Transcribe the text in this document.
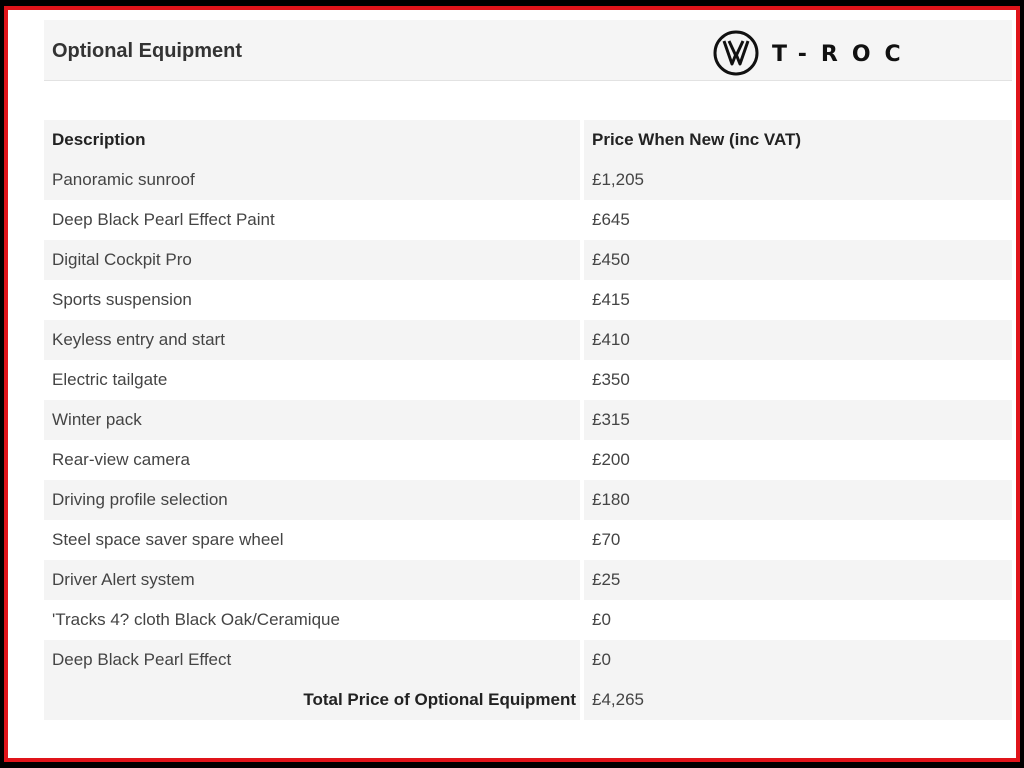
Optional Equipment	T-ROC
Description	Price When New (inc VAT)
Panoramic sunroof	£1,205
Deep Black Pearl Effect Paint	£645
Digital Cockpit Pro	£450
Sports suspension	£415
Keyless entry and start	£410
Electric tailgate	£350
Winter pack	£315
Rear-view camera	£200
Driving profile selection	£180
Steel space saver spare wheel	£70
Driver Alert system	£25
'Tracks 4? cloth Black Oak/Ceramique	£0
Deep Black Pearl Effect	£0
Total Price of Optional Equipment	£4,265
